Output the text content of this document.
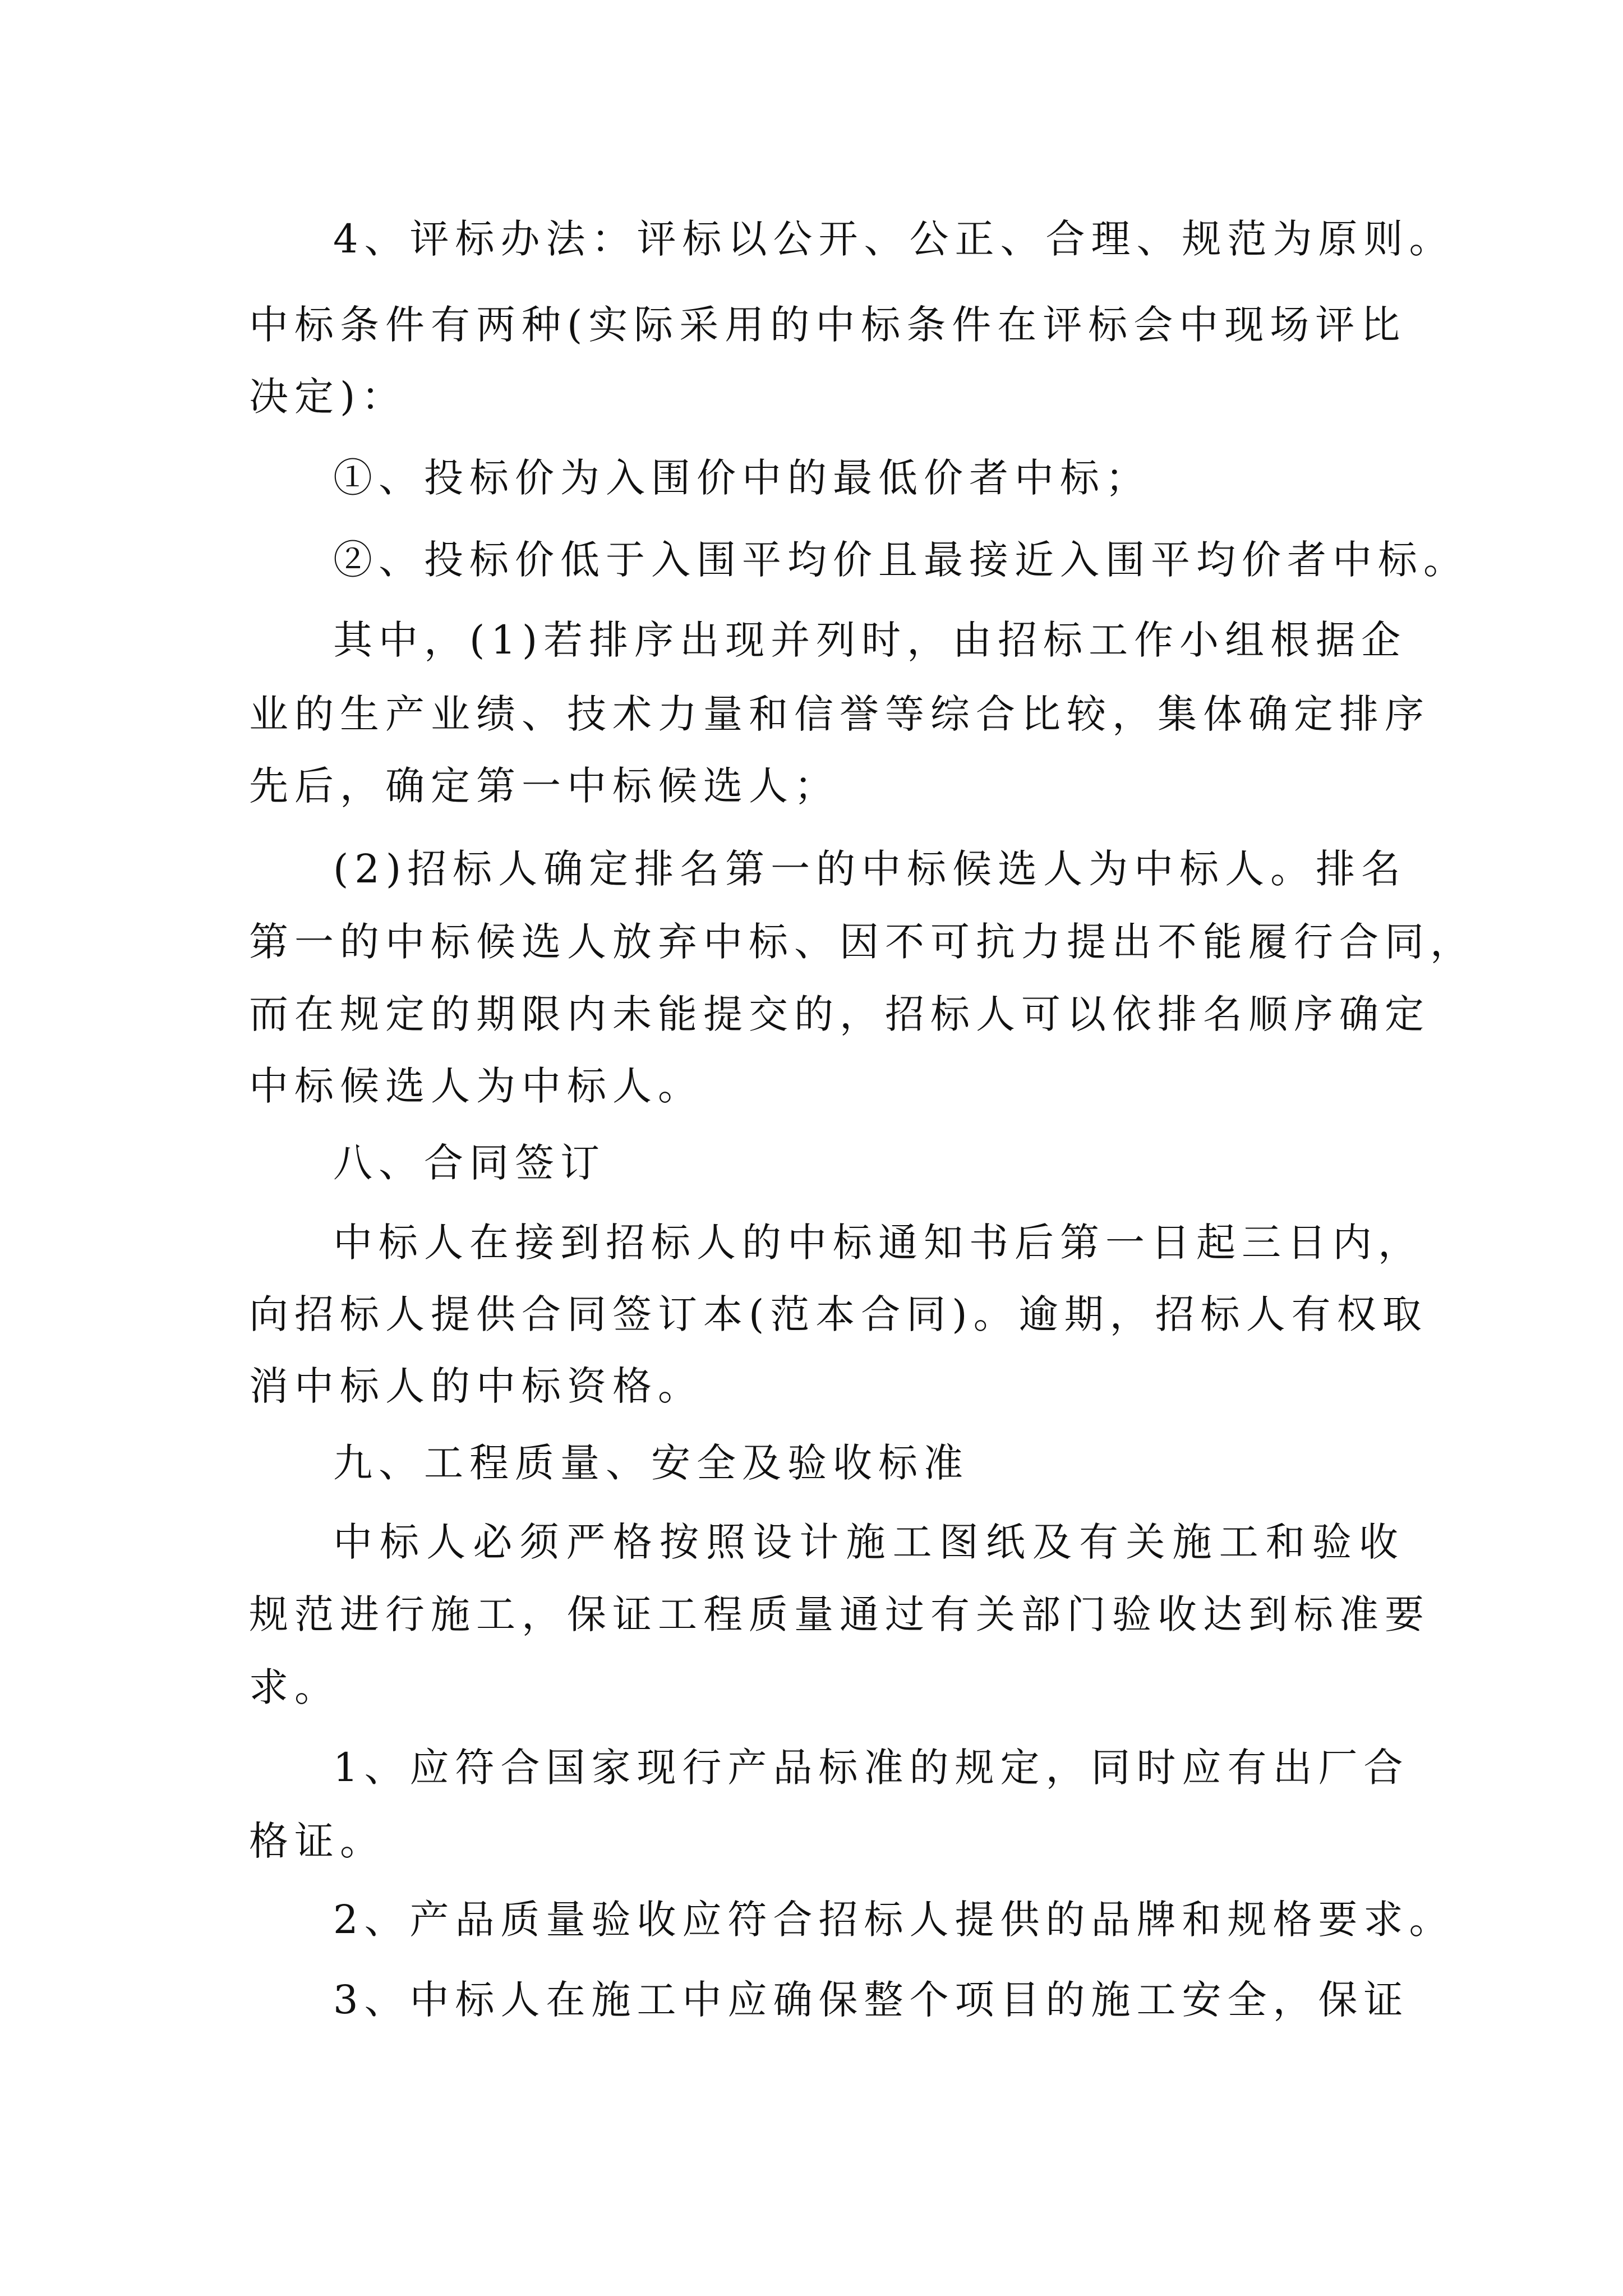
4、评标办法：评标以公开、公正、合理、规范为原则。
中标条件有两种(实际采用的中标条件在评标会中现场评比
决定)：
①、投标价为入围价中的最低价者中标；
②、投标价低于入围平均价且最接近入围平均价者中标。
其中，(1)若排序出现并列时，由招标工作小组根据企
业的生产业绩、技术力量和信誉等综合比较，集体确定排序
先后，确定第一中标候选人；
(2)招标人确定排名第一的中标候选人为中标人。排名
第一的中标候选人放弃中标、因不可抗力提出不能履行合同，
而在规定的期限内未能提交的，招标人可以依排名顺序确定
中标候选人为中标人。
八、合同签订
中标人在接到招标人的中标通知书后第一日起三日内，
向招标人提供合同签订本(范本合同)。逾期，招标人有权取
消中标人的中标资格。
九、工程质量、安全及验收标准
中标人必须严格按照设计施工图纸及有关施工和验收
规范进行施工，保证工程质量通过有关部门验收达到标准要
求。
1、应符合国家现行产品标准的规定，同时应有出厂合
格证。
2、产品质量验收应符合招标人提供的品牌和规格要求。
3、中标人在施工中应确保整个项目的施工安全，保证
